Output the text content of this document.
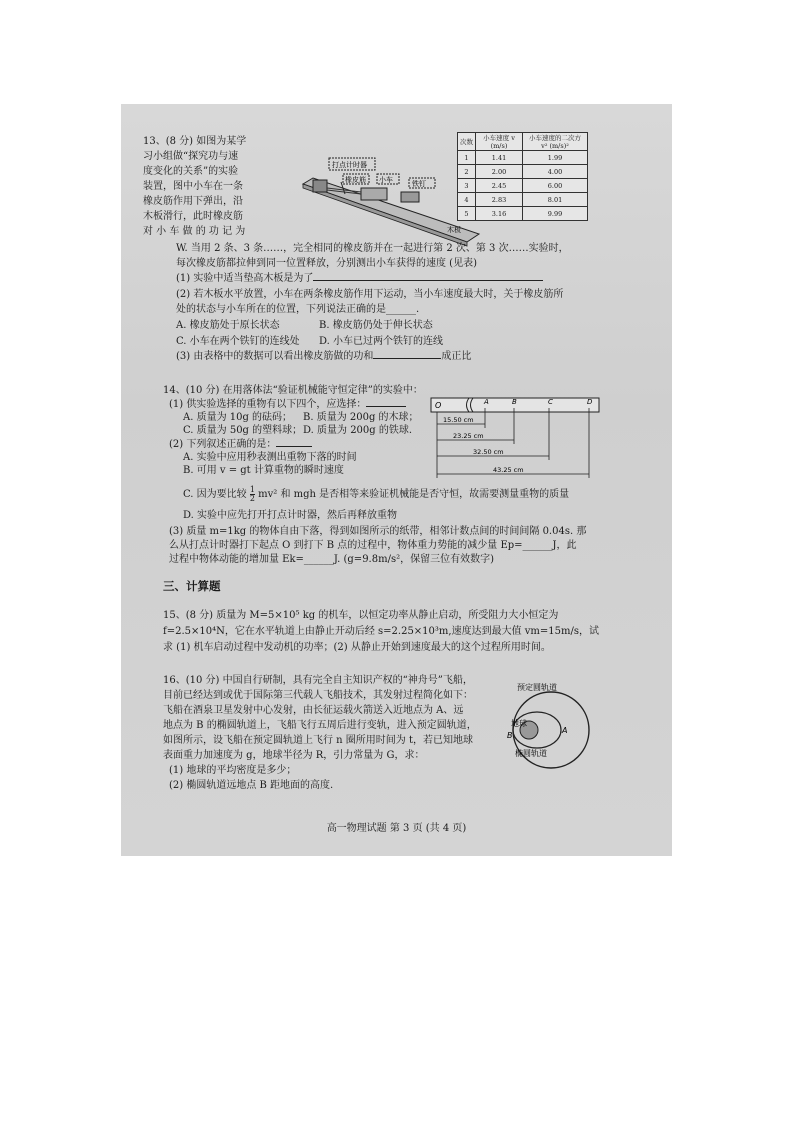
13、(8 分) 如图为某学
习小组做“探究功与速
度变化的关系”的实验
装置，图中小车在一条
橡皮筋作用下弹出，沿
木板滑行，此时橡皮筋
对 小 车 做 的 功 记 为
打点计时器
橡皮筋 小车	铁钉
木板
次数	小车速度 v (m/s)	小车速度的二次方 v² (m/s)²
1	1.41	1.99
2	2.00	4.00
3	2.45	6.00
4	2.83	8.01
5	3.16	9.99
W. 当用 2 条、3 条……，完全相同的橡皮筋并在一起进行第 2 次、第 3 次……实验时，
每次橡皮筋都拉伸到同一位置释放，分别测出小车获得的速度 (见表)
(1) 实验中适当垫高木板是为了
(2) 若木板水平放置，小车在两条橡皮筋作用下运动，当小车速度最大时，关于橡皮筋所
处的状态与小车所在的位置，下列说法正确的是______.
A. 橡皮筋处于原长状态	B. 橡皮筋仍处于伸长状态
C. 小车在两个铁钉的连线处 D. 小车已过两个铁钉的连线
(3) 由表格中的数据可以看出橡皮筋做的功和	成正比
14、(10 分) 在用落体法“验证机械能守恒定律”的实验中：
(1) 供实验选择的重物有以下四个，应选择：
A. 质量为 10g 的砝码； B. 质量为 200g 的木球；
C. 质量为 50g 的塑料球； D. 质量为 200g 的铁球.
(2) 下列叙述正确的是：
A. 实验中应用秒表测出重物下落的时间
B. 可用 v = gt 计算重物的瞬时速度
C. 因为要比较 $\frac{1}{2} mv^2$ 和 mgh 是否相等来验证机械能是否守恒，故需要测量重物的质量
D. 实验中应先打开打点计时器，然后再释放重物
(3) 质量 m=1kg 的物体自由下落，得到如图所示的纸带，相邻计数点间的时间间隔 0.04s. 那
么从打点计时器打下起点 O 到打下 B 点的过程中，物体重力势能的减少量 Ep=______J，此
过程中物体动能的增加量 Ek=______J. (g=9.8m/s²，保留三位有效数字)
O	A	B	C	D
15.50 cm
23.25 cm
32.50 cm
43.25 cm
三、计算题
15、(8 分) 质量为 M=5×10⁵ kg 的机车，以恒定功率从静止启动，所受阻力大小恒定为
f=2.5×10⁴N，它在水平轨道上由静止开动后经 s=2.25×10³m,速度达到最大值 vm=15m/s，试
求 (1) 机车启动过程中发动机的功率；(2) 从静止开始到速度最大的这个过程所用时间。
16、(10 分) 中国自行研制，具有完全自主知识产权的“神舟号”飞船，
目前已经达到或优于国际第三代载人飞船技术，其发射过程简化如下：
飞船在酒泉卫星发射中心发射，由长征运载火箭送入近地点为 A、远
地点为 B 的椭圆轨道上，飞船飞行五周后进行变轨，进入预定圆轨道，
如图所示，设飞船在预定圆轨道上飞行 n 圈所用时间为 t，若已知地球
表面重力加速度为 g，地球半径为 R，引力常量为 G，求：
(1) 地球的平均密度是多少；
(2) 椭圆轨道远地点 B 距地面的高度.
地球
椭圆轨道
预定圆轨道
A
B
高一物理试题 第 3 页 (共 4 页)
